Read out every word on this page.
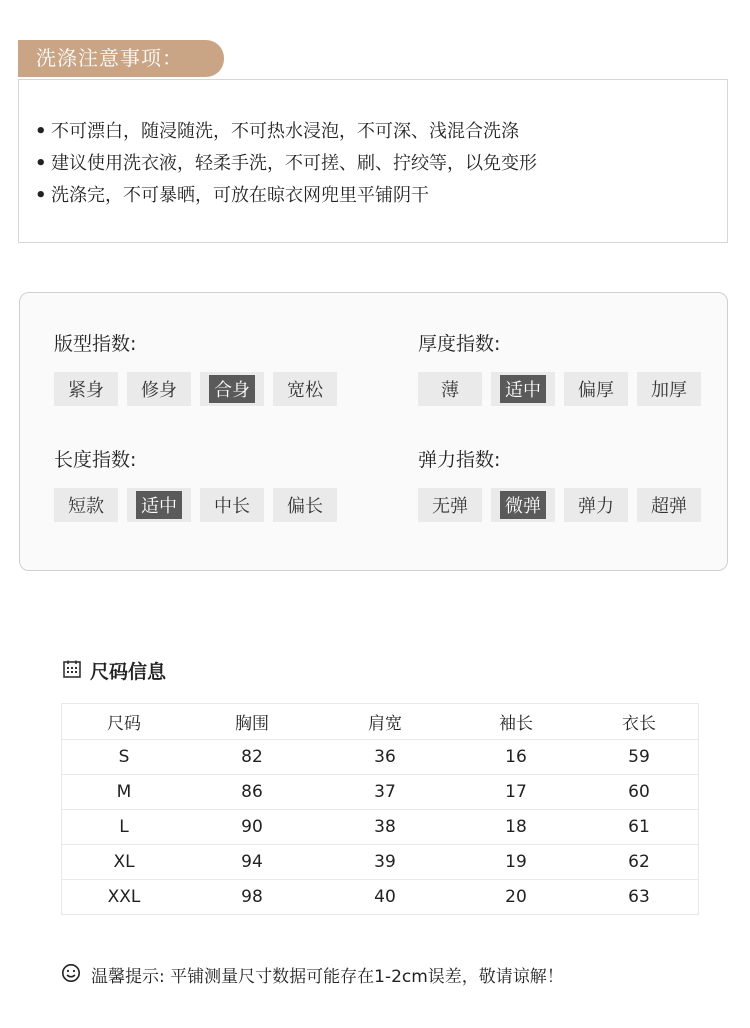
洗涤注意事项：
• 不可漂白，随浸随洗，不可热水浸泡，不可深、浅混合洗涤
• 建议使用洗衣液，轻柔手洗，不可搓、刷、拧绞等，以免变形
• 洗涤完，不可暴晒，可放在晾衣网兜里平铺阴干
版型指数:
紧身 修身 合身 宽松
厚度指数:
薄	适中 偏厚 加厚
长度指数:
短款 适中 中长 偏长
弹力指数:
无弹 微弹 弹力 超弹
尺码信息
尺码	胸围	肩宽	袖长	衣长
S	82	36	16	59
M	86	37	17	60
L	90	38	18	61
XL	94	39	19	62
XXL	98	40	20	63
温馨提示: 平铺测量尺寸数据可能存在1-2cm误差，敬请谅解！
